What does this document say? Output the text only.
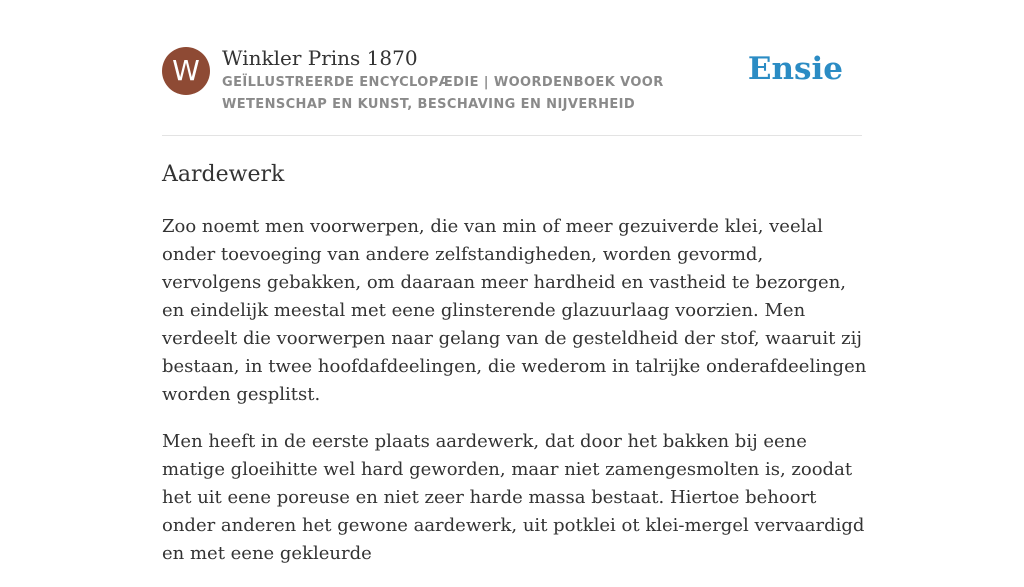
W	Winkler Prins 1870
GEÏLLUSTREERDE ENCYCLOPÆDIE | WOORDENBOEK VOOR WETENSCHAP EN KUNST, BESCHAVING EN NIJVERHEID
Ensie
Aardewerk

Zoo noemt men voorwerpen, die van min of meer gezuiverde klei, veelal onder toevoeging van andere zelfstandigheden, worden gevormd, vervolgens gebakken, om daaraan meer hardheid en vastheid te bezorgen, en eindelijk meestal met eene glinsterende glazuurlaag voorzien. Men verdeelt die voorwerpen naar gelang van de gesteldheid der stof, waaruit zij bestaan, in twee hoofdafdeelingen, die wederom in talrijke onderafdeelingen worden gesplitst.

Men heeft in de eerste plaats aardewerk, dat door het bakken bij eene matige gloeihitte wel hard geworden, maar niet zamengesmolten is, zoodat het uit eene poreuse en niet zeer harde massa bestaat. Hiertoe behoort onder anderen het gewone aardewerk, uit potklei ot klei-mergel vervaardigd en met eene gekleurde
